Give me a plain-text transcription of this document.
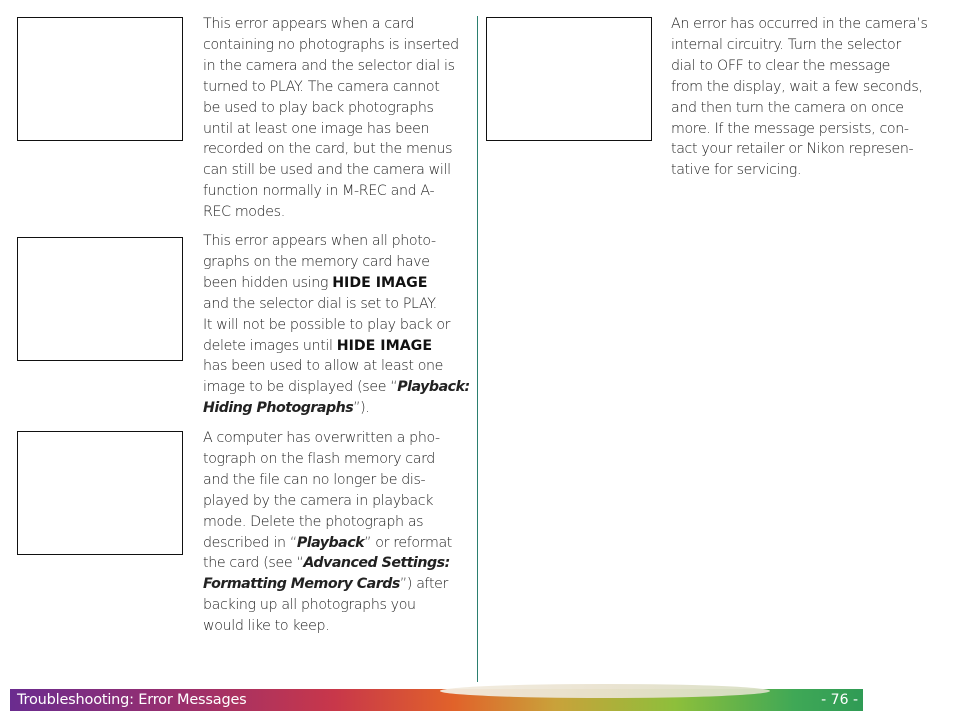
This error appears when a card
containing no photographs is inserted
in the camera and the selector dial is
turned to PLAY. The camera cannot
be used to play back photographs
until at least one image has been
recorded on the card, but the menus
can still be used and the camera will
function normally in M-REC and A-
REC modes.
This error appears when all photo-
graphs on the memory card have
been hidden using HIDE IMAGE
and the selector dial is set to PLAY.
It will not be possible to play back or
delete images until HIDE IMAGE
has been used to allow at least one
image to be displayed (see “Playback:
Hiding Photographs”).
A computer has overwritten a pho-
tograph on the flash memory card
and the file can no longer be dis-
played by the camera in playback
mode. Delete the photograph as
described in “Playback” or reformat
the card (see “Advanced Settings:
Formatting Memory Cards”) after
backing up all photographs you
would like to keep.
An error has occurred in the camera’s
internal circuitry. Turn the selector
dial to OFF to clear the message
from the display, wait a few seconds,
and then turn the camera on once
more. If the message persists, con-
tact your retailer or Nikon represen-
tative for servicing.
Troubleshooting: Error Messages	- 76 -
